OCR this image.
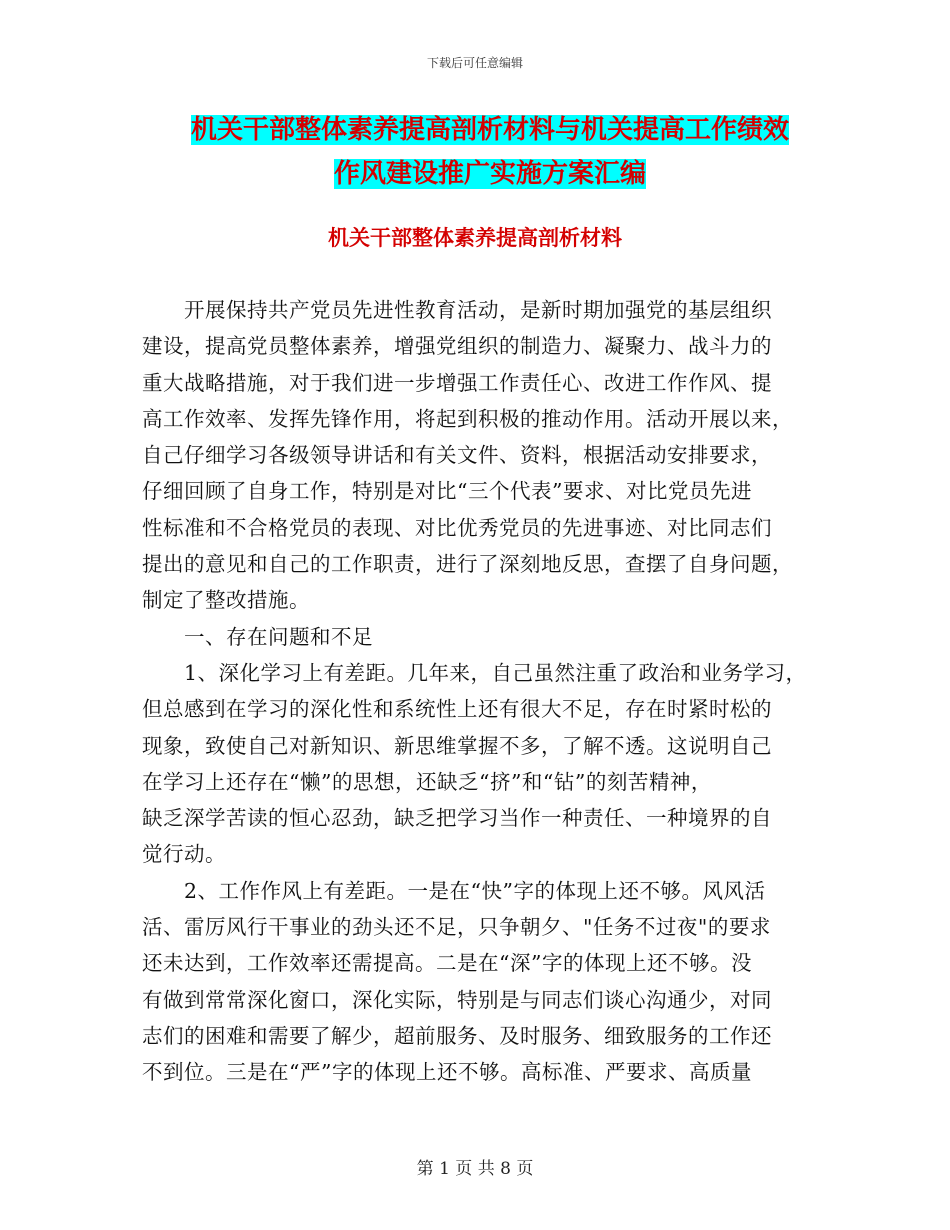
下载后可任意编辑
机关干部整体素养提高剖析材料与机关提高工作绩效
作风建设推广实施方案汇编
机关干部整体素养提高剖析材料
开展保持共产党员先进性教育活动，是新时期加强党的基层组织
建设，提高党员整体素养，增强党组织的制造力、凝聚力、战斗力的
重大战略措施，对于我们进一步增强工作责任心、改进工作作风、提
高工作效率、发挥先锋作用，将起到积极的推动作用。活动开展以来，
自己仔细学习各级领导讲话和有关文件、资料，根据活动安排要求，
仔细回顾了自身工作，特别是对比“三个代表”要求、对比党员先进
性标准和不合格党员的表现、对比优秀党员的先进事迹、对比同志们
提出的意见和自己的工作职责，进行了深刻地反思，查摆了自身问题，
制定了整改措施。
一、存在问题和不足
1、深化学习上有差距。几年来，自己虽然注重了政治和业务学习，
但总感到在学习的深化性和系统性上还有很大不足，存在时紧时松的
现象，致使自己对新知识、新思维掌握不多，了解不透。这说明自己
在学习上还存在“懒”的思想，还缺乏“挤”和“钻”的刻苦精神，
缺乏深学苦读的恒心忍劲，缺乏把学习当作一种责任、一种境界的自
觉行动。
2、工作作风上有差距。一是在“快”字的体现上还不够。风风活
活、雷厉风行干事业的劲头还不足，只争朝夕、"任务不过夜"的要求
还未达到，工作效率还需提高。二是在“深”字的体现上还不够。没
有做到常常深化窗口，深化实际，特别是与同志们谈心沟通少，对同
志们的困难和需要了解少，超前服务、及时服务、细致服务的工作还
不到位。三是在“严”字的体现上还不够。高标准、严要求、高质量
第 1 页 共 8 页
